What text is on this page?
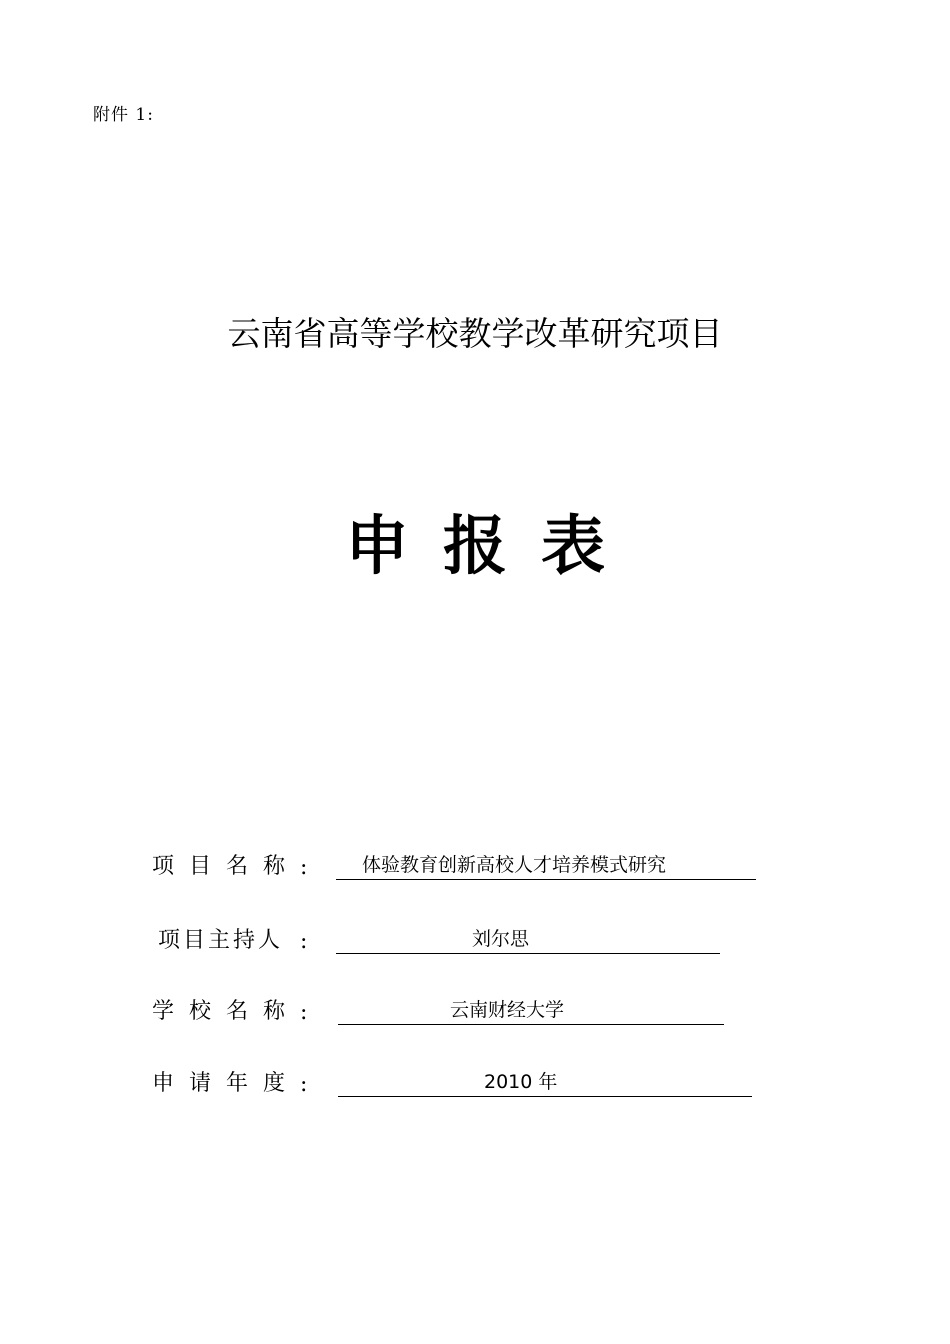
附件 1:
云南省高等学校教学改革研究项目
申报表
项目名称 :	体验教育创新高校人才培养模式研究
项目主持人 :	刘尔思
学校名称 :	云南财经大学
申请年度 :	2010 年
